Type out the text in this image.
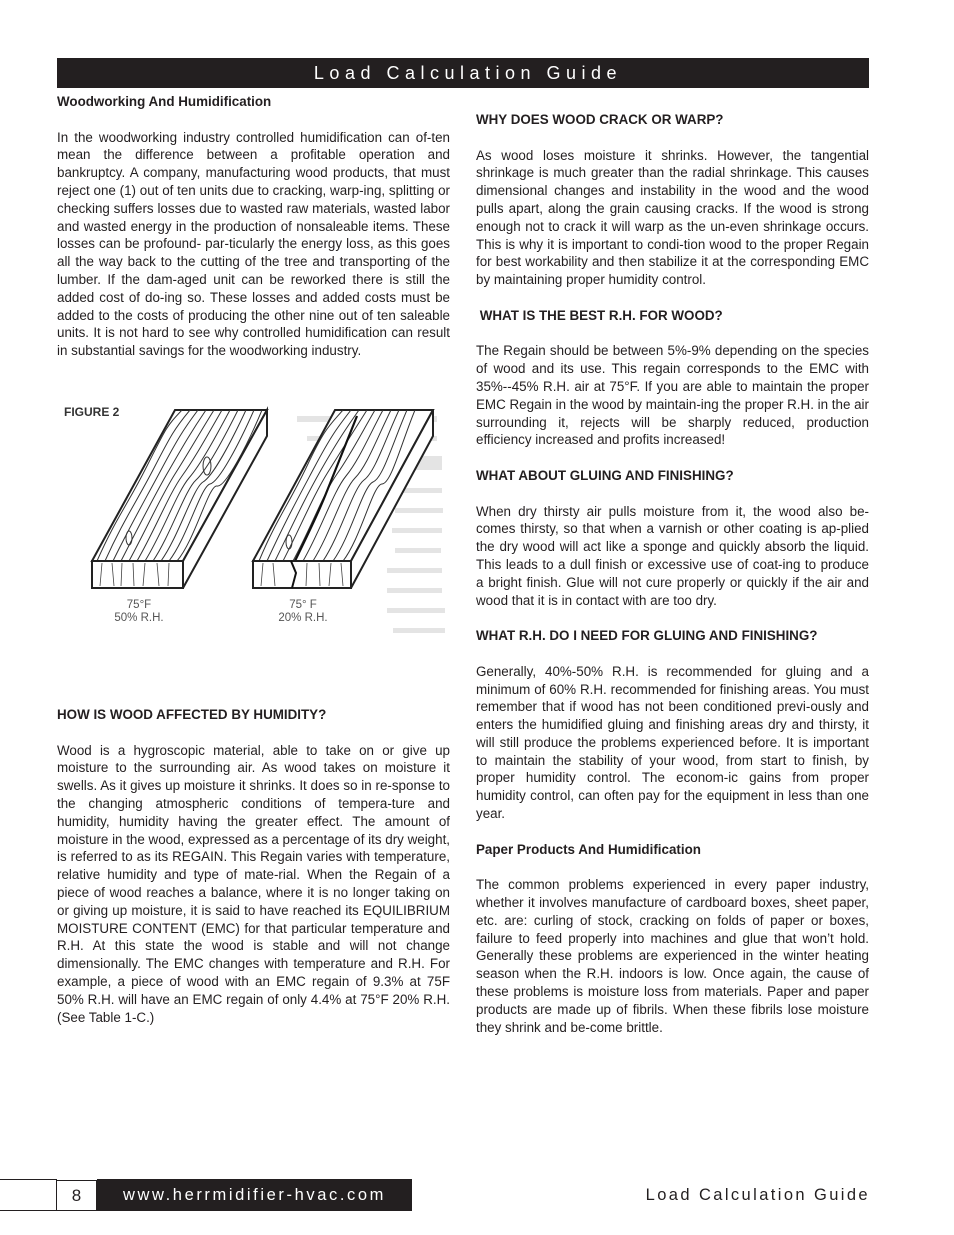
Load Calculation Guide
Woodworking And Humidification

In the woodworking industry controlled humidification can of-ten mean the difference between a profitable operation and bankruptcy. A company, manufacturing wood products, that must reject one (1) out of ten units due to cracking, warp-ing, splitting or checking suffers losses due to wasted raw materials, wasted labor and wasted energy in the production of nonsaleable items. These losses can be profound- par-ticularly the energy loss, as this goes all the way back to the cutting of the tree and transporting of the lumber. If the dam-aged unit can be reworked there is still the added cost of do-ing so. These losses and added costs must be added to the costs of producing the other nine out of ten saleable units. It is not hard to see why controlled humidification can result in substantial savings for the woodworking industry.

FIGURE 2
75°F
50% R.H.
75° F
20% R.H.
HOW IS WOOD AFFECTED BY HUMIDITY?

Wood is a hygroscopic material, able to take on or give up moisture to the surrounding air. As wood takes on moisture it swells. As it gives up moisture it shrinks. It does so in re-sponse to the changing atmospheric conditions of tempera-ture and humidity, humidity having the greater effect. The amount of moisture in the wood, expressed as a percentage of its dry weight, is referred to as its REGAIN. This Regain varies with temperature, relative humidity and type of mate-rial. When the Regain of a piece of wood reaches a balance, where it is no longer taking on or giving up moisture, it is said to have reached its EQUILIBRIUM MOISTURE CONTENT (EMC) for that particular temperature and R.H. At this state the wood is stable and will not change dimensionally. The EMC changes with temperature and R.H. For example, a piece of wood with an EMC regain of 9.3% at 75F 50% R.H. will have an EMC regain of only 4.4% at 75°F 20% R.H. (See Table 1-C.)

WHY DOES WOOD CRACK OR WARP?

As wood loses moisture it shrinks. However, the tangential shrinkage is much greater than the radial shrinkage. This causes dimensional changes and instability in the wood and the wood pulls apart, along the grain causing cracks. If the wood is strong enough not to crack it will warp as the un-even shrinkage occurs. This is why it is important to condi-tion wood to the proper Regain for best workability and then stabilize it at the corresponding EMC by maintaining proper humidity control.

WHAT IS THE BEST R.H. FOR WOOD?

The Regain should be between 5%-9% depending on the species of wood and its use. This regain corresponds to the EMC with 35%--45% R.H. air at 75°F. If you are able to maintain the proper EMC Regain in the wood by maintain-ing the proper R.H. in the air surrounding it, rejects will be sharply reduced, production efficiency increased and profits increased!

WHAT ABOUT GLUING AND FINISHING?

When dry thirsty air pulls moisture from it, the wood also be-comes thirsty, so that when a varnish or other coating is ap-plied the dry wood will act like a sponge and quickly absorb the liquid. This leads to a dull finish or excessive use of coat-ing to produce a bright finish. Glue will not cure properly or quickly if the air and wood that it is in contact with are too dry.

WHAT R.H. DO I NEED FOR GLUING AND FINISHING?

Generally, 40%-50% R.H. is recommended for gluing and a minimum of 60% R.H. recommended for finishing areas. You must remember that if wood has not been conditioned previ-ously and enters the humidified gluing and finishing areas dry and thirsty, it will still produce the problems experienced before. It is important to maintain the stability of your wood, from start to finish, by proper humidity control. The econom-ic gains from proper humidity control, can often pay for the equipment in less than one year.

Paper Products And Humidification

The common problems experienced in every paper industry, whether it involves manufacture of cardboard boxes, sheet paper, etc. are: curling of stock, cracking on folds of paper or boxes, failure to feed properly into machines and glue that won’t hold. Generally these problems are experienced in the winter heating season when the R.H. indoors is low. Once again, the cause of these problems is moisture loss from materials. Paper and paper products are made up of fibrils. When these fibrils lose moisture they shrink and be-come brittle.

8	www.herrmidifier-hvac.com	Load Calculation Guide
